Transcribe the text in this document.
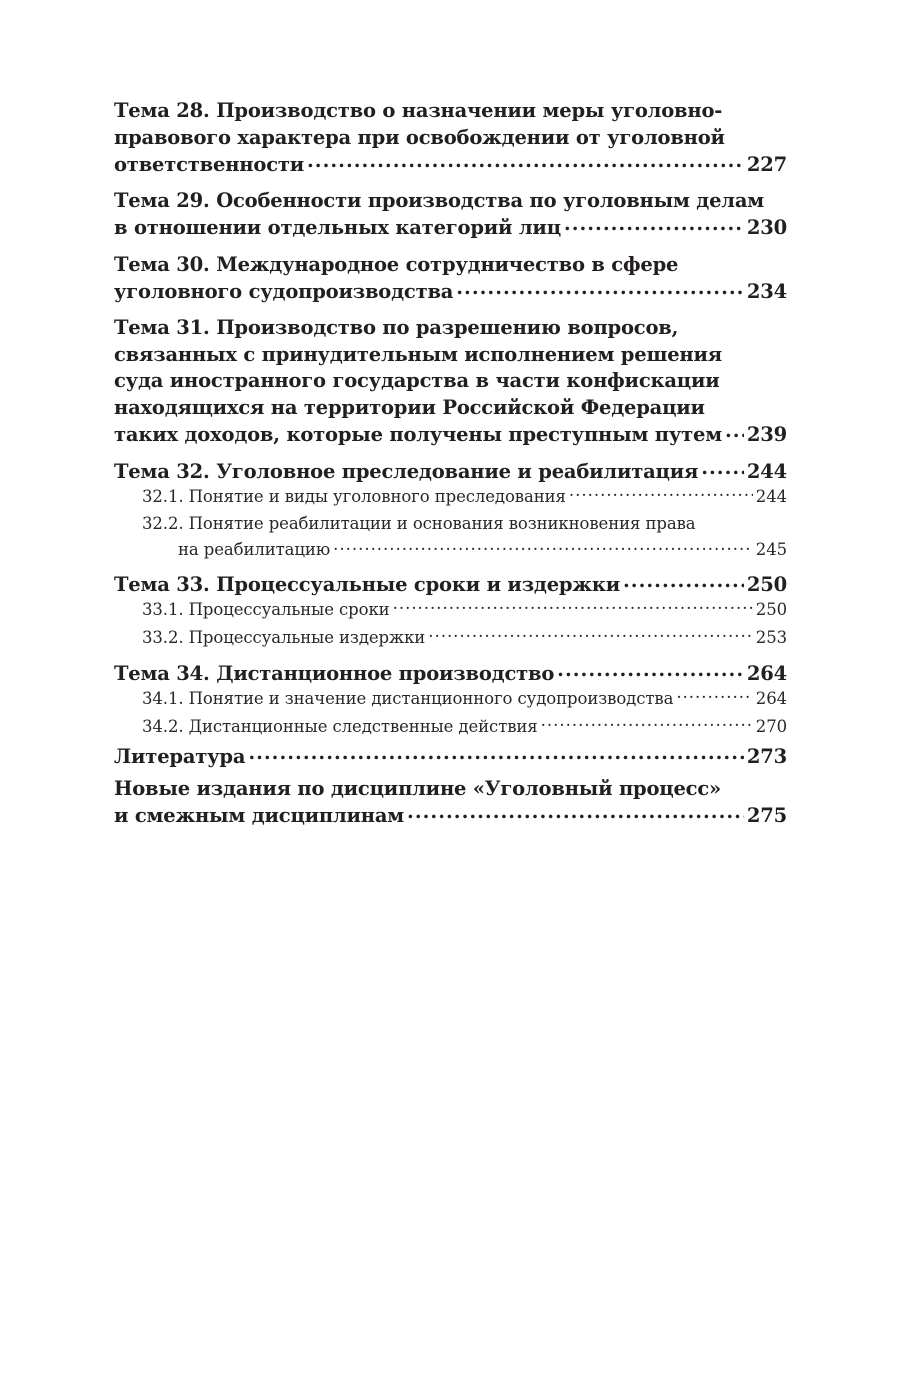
Тема 28. Производство о назначении меры уголовно-
правового характера при освобождении от уголовной
ответственности .....	227
Тема 29. Особенности производства по уголовным делам
в отношении отдельных категорий лиц .....	230
Тема 30. Международное сотрудничество в сфере
уголовного судопроизводства .....	234
Тема 31. Производство по разрешению вопросов,
связанных с принудительным исполнением решения
суда иностранного государства в части конфискации
находящихся на территории Российской Федерации
таких доходов, которые получены преступным путем ..... 239
Тема 32. Уголовное преследование и реабилитация ..... 244
32.1. Понятие и виды уголовного преследования .....	244
32.2. Понятие реабилитации и основания возникновения права
на реабилитацию .....	245
Тема 33. Процессуальные сроки и издержки .....	250
33.1. Процессуальные сроки .....	250
33.2. Процессуальные издержки .....	253
Тема 34. Дистанционное производство .....	264
34.1. Понятие и значение дистанционного судопроизводства .....	264
34.2. Дистанционные следственные действия .....	270
Литература .....	273
Новые издания по дисциплине «Уголовный процесс»
и смежным дисциплинам .....	275
